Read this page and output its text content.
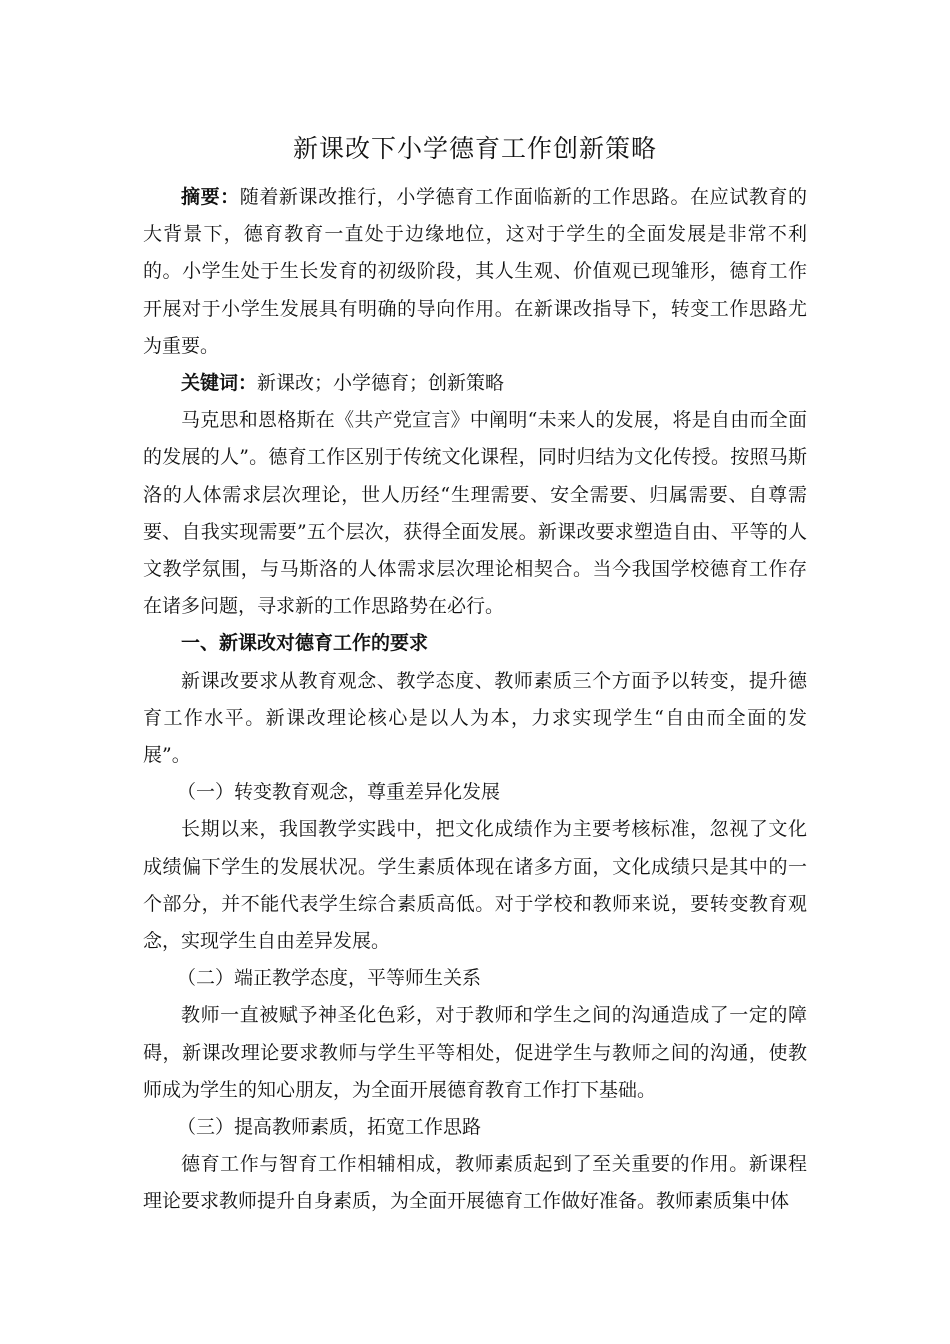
新课改下小学德育工作创新策略

摘要：随着新课改推行，小学德育工作面临新的工作思路。在应试教育的大背景下，德育教育一直处于边缘地位，这对于学生的全面发展是非常不利的。小学生处于生长发育的初级阶段，其人生观、价值观已现雏形，德育工作开展对于小学生发展具有明确的导向作用。在新课改指导下，转变工作思路尤为重要。

关键词：新课改；小学德育；创新策略

马克思和恩格斯在《共产党宣言》中阐明“未来人的发展，将是自由而全面的发展的人”。德育工作区别于传统文化课程，同时归结为文化传授。按照马斯洛的人体需求层次理论，世人历经“生理需要、安全需要、归属需要、自尊需要、自我实现需要”五个层次，获得全面发展。新课改要求塑造自由、平等的人文教学氛围，与马斯洛的人体需求层次理论相契合。当今我国学校德育工作存在诸多问题，寻求新的工作思路势在必行。

一、新课改对德育工作的要求

新课改要求从教育观念、教学态度、教师素质三个方面予以转变，提升德育工作水平。新课改理论核心是以人为本，力求实现学生“自由而全面的发展”。

（一）转变教育观念，尊重差异化发展

长期以来，我国教学实践中，把文化成绩作为主要考核标准，忽视了文化成绩偏下学生的发展状况。学生素质体现在诸多方面，文化成绩只是其中的一个部分，并不能代表学生综合素质高低。对于学校和教师来说，要转变教育观念，实现学生自由差异发展。

（二）端正教学态度，平等师生关系

教师一直被赋予神圣化色彩，对于教师和学生之间的沟通造成了一定的障碍，新课改理论要求教师与学生平等相处，促进学生与教师之间的沟通，使教师成为学生的知心朋友，为全面开展德育教育工作打下基础。

（三）提高教师素质，拓宽工作思路

德育工作与智育工作相辅相成，教师素质起到了至关重要的作用。新课程理论要求教师提升自身素质，为全面开展德育工作做好准备。教师素质集中体
